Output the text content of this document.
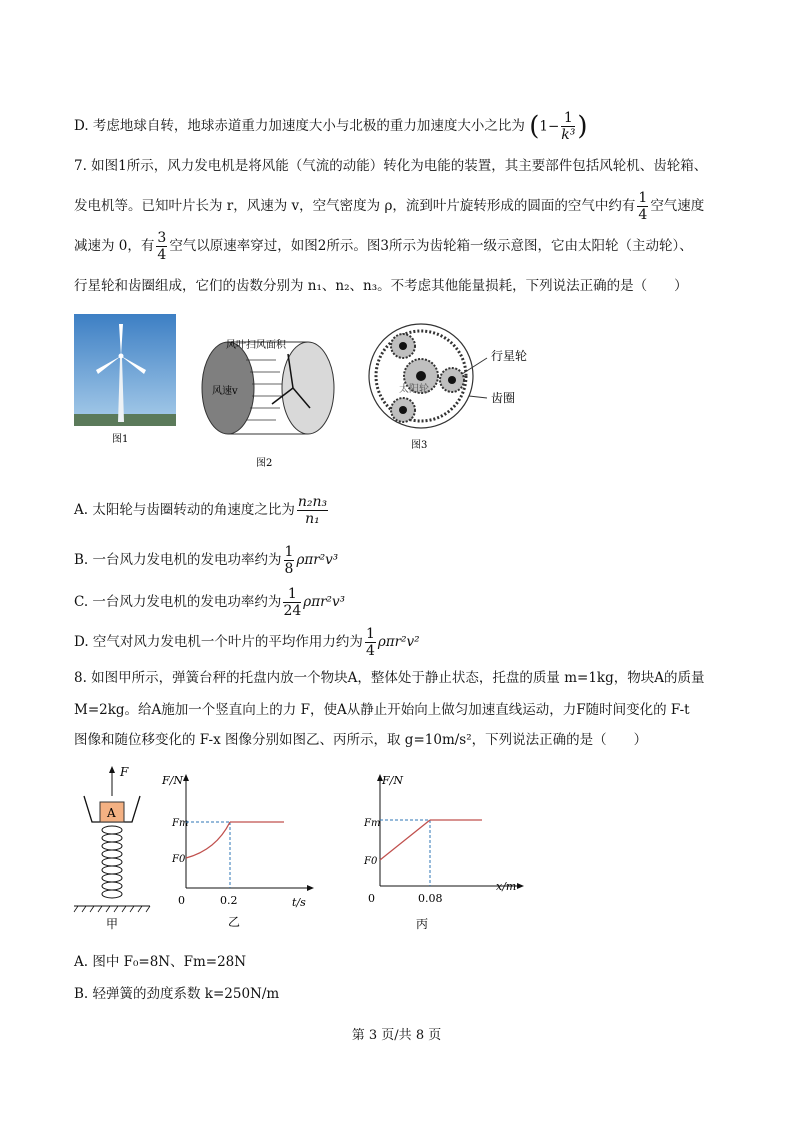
D. 考虑地球自转，地球赤道重力加速度大小与北极的重力加速度大小之比为 ($1- \frac{1}{\text{k³}}$ )
7. 如图1所示，风力发电机是将风能（气流的动能）转化为电能的装置，其主要部件包括风轮机、齿轮箱、
发电机等。已知叶片长为 r，风速为 v，空气密度为 ρ，流到叶片旋转形成的圆面的空气中约有 $\frac{1}{4}$ 空气速度
减速为 0，有 $\frac{3}{4}$ 空气以原速率穿过，如图2所示。图3所示为齿轮箱一级示意图，它由太阳轮（主动轮）、
行星轮和齿圈组成，它们的齿数分别为 n₁、n₂、n₃。不考虑其他能量损耗，下列说法正确的是（　　）
图1
风叶扫风面积
风速v
图2
太阳轮
行星轮
齿圈
图3
A. 太阳轮与齿圈转动的角速度之比为 $\frac{\text{n₂n₃}}{\text{n₁}}$
B. 一台风力发电机的发电功率约为 $\frac{1}{8} \rho\pi r^2v^3$
C. 一台风力发电机的发电功率约为 $\frac{1}{24} \rho\pi r^2v^3$
D. 空气对风力发电机一个叶片的平均作用力约为 $\frac{1}{4} \rho\pi r^2v^2$
8. 如图甲所示，弹簧台秤的托盘内放一个物块A，整体处于静止状态，托盘的质量 m=1kg，物块A的质量
M=2kg。给A施加一个竖直向上的力 F，使A从静止开始向上做匀加速直线运动，力F随时间变化的 F-t
图像和随位移变化的 F-x 图像分别如图乙、丙所示，取 g=10m/s²，下列说法正确的是（　　）
F
A
甲
F/N
t/s
Fm
F0
0	0.2
乙
F/N
x/m
Fm
F0
0	0.08
丙
A. 图中 F₀=8N、Fm=28N
B. 轻弹簧的劲度系数 k=250N/m
第 3 页/共 8 页
